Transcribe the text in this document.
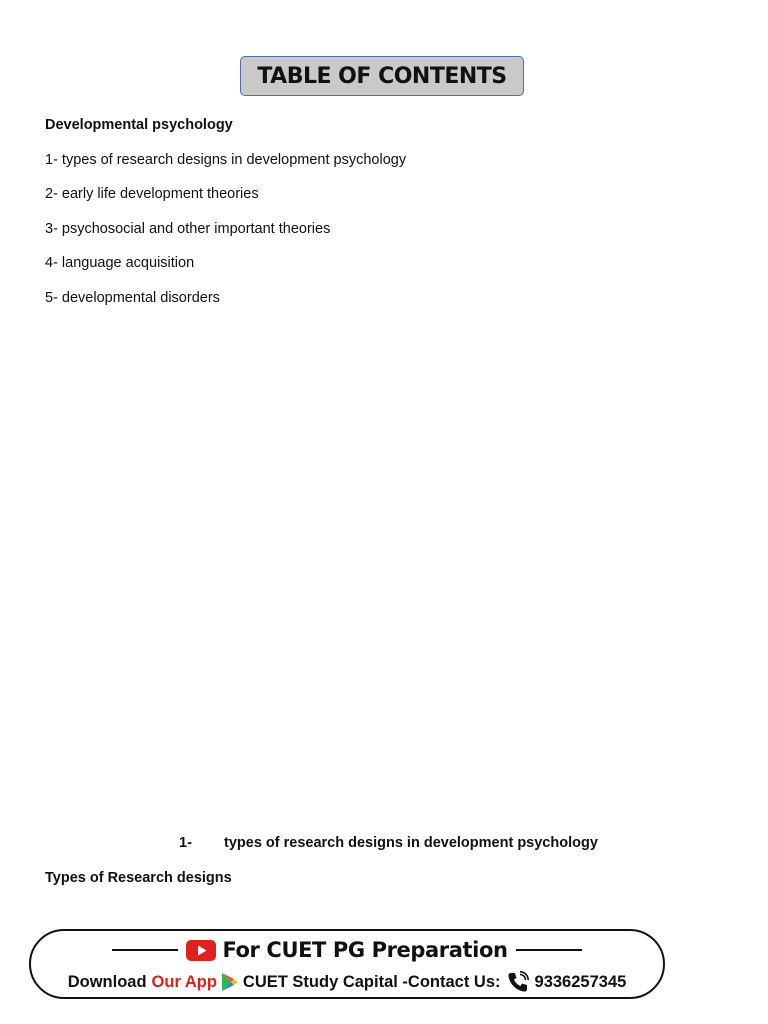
TABLE OF CONTENTS
Developmental psychology
1- types of research designs in development psychology
2- early life development theories
3- psychosocial and other important theories
4- language acquisition
5- developmental disorders
1- types of research designs in development psychology
Types of Research designs
For CUET PG Preparation
Download Our App CUET Study Capital -Contact Us: 9336257345
